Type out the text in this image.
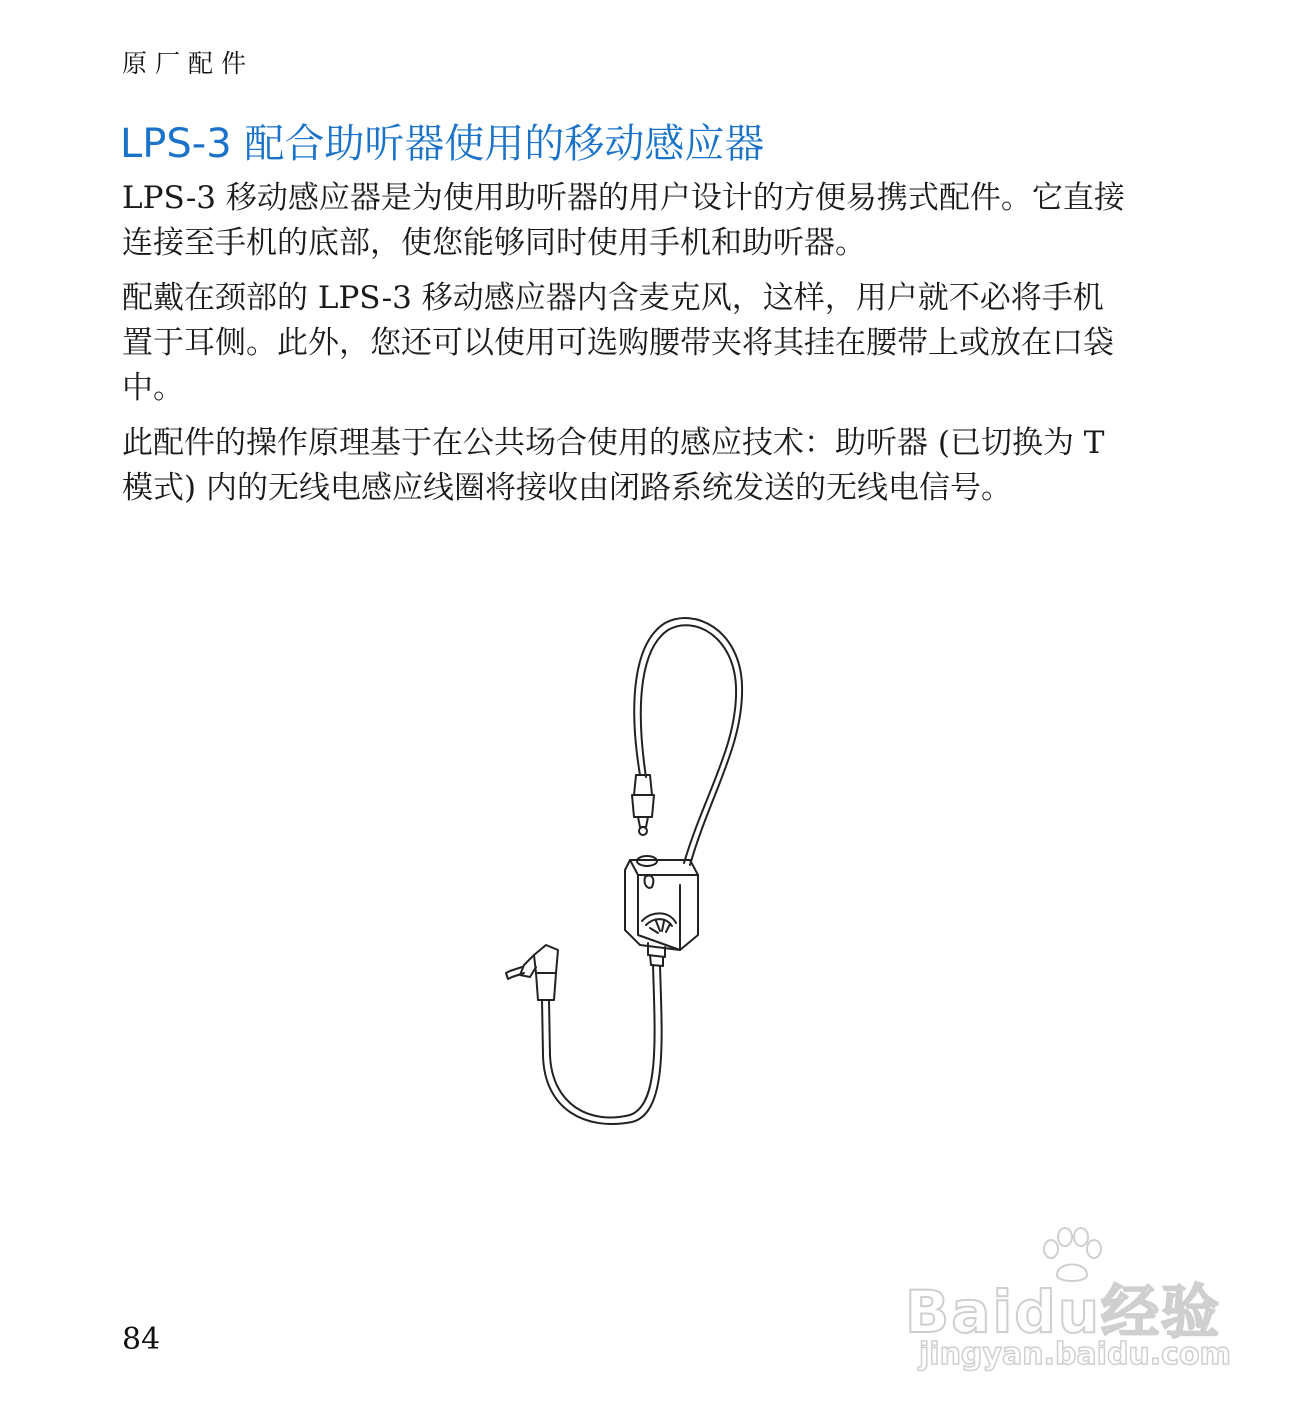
原厂配件
LPS-3 配合助听器使用的移动感应器

LPS-3 移动感应器是为使用助听器的用户设计的方便易携式配件。它直接连接至手机的底部，使您能够同时使用手机和助听器。

配戴在颈部的 LPS-3 移动感应器内含麦克风，这样，用户就不必将手机置于耳侧。此外，您还可以使用可选购腰带夹将其挂在腰带上或放在口袋中。

此配件的操作原理基于在公共场合使用的感应技术：助听器 (已切换为 T 模式) 内的无线电感应线圈将接收由闭路系统发送的无线电信号。

84	Baidu经验
jingyan.baidu.com
